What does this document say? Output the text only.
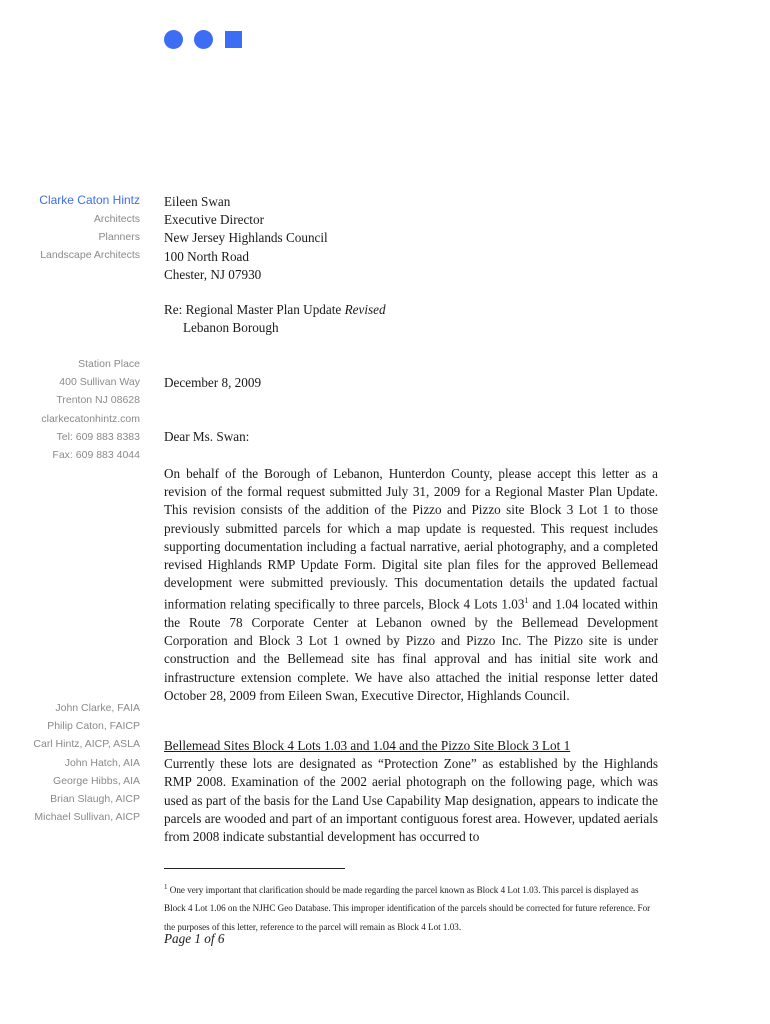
Clarke Caton Hintz
Architects
Planners
Landscape Architects
Station Place
400 Sullivan Way
Trenton NJ 08628
clarkecatonhintz.com
Tel: 609 883 8383
Fax: 609 883 4044
John Clarke, FAIA
Philip Caton, FAICP
Carl Hintz, AICP, ASLA
John Hatch, AIA
George Hibbs, AIA
Brian Slaugh, AICP
Michael Sullivan, AICP
Eileen Swan
Executive Director
New Jersey Highlands Council
100 North Road
Chester, NJ 07930
Re: Regional Master Plan Update Revised
Lebanon Borough
December 8, 2009
Dear Ms. Swan:

On behalf of the Borough of Lebanon, Hunterdon County, please accept this letter as a revision of the formal request submitted July 31, 2009 for a Regional Master Plan Update. This revision consists of the addition of the Pizzo and Pizzo site Block 3 Lot 1 to those previously submitted parcels for which a map update is requested. This request includes supporting documentation including a factual narrative, aerial photography, and a completed revised Highlands RMP Update Form. Digital site plan files for the approved Bellemead development were submitted previously. This documentation details the updated factual information relating specifically to three parcels, Block 4 Lots 1.03$^1$ and 1.04 located within the Route 78 Corporate Center at Lebanon owned by the Bellemead Development Corporation and Block 3 Lot 1 owned by Pizzo and Pizzo Inc. The Pizzo site is under construction and the Bellemead site has final approval and has initial site work and infrastructure extension complete. We have also attached the initial response letter dated October 28, 2009 from Eileen Swan, Executive Director, Highlands Council.

Bellemead Sites Block 4 Lots 1.03 and 1.04 and the Pizzo Site Block 3 Lot 1

Currently these lots are designated as “Protection Zone” as established by the Highlands RMP 2008. Examination of the 2002 aerial photograph on the following page, which was used as part of the basis for the Land Use Capability Map designation, appears to indicate the parcels are wooded and part of an important contiguous forest area. However, updated aerials from 2008 indicate substantial development has occurred to

$^1$ One very important that clarification should be made regarding the parcel known as Block 4 Lot 1.03. This parcel is displayed as Block 4 Lot 1.06 on the NJHC Geo Database. This improper identification of the parcels should be corrected for future reference. For the purposes of this letter, reference to the parcel will remain as Block 4 Lot 1.03.
Page 1 of 6
